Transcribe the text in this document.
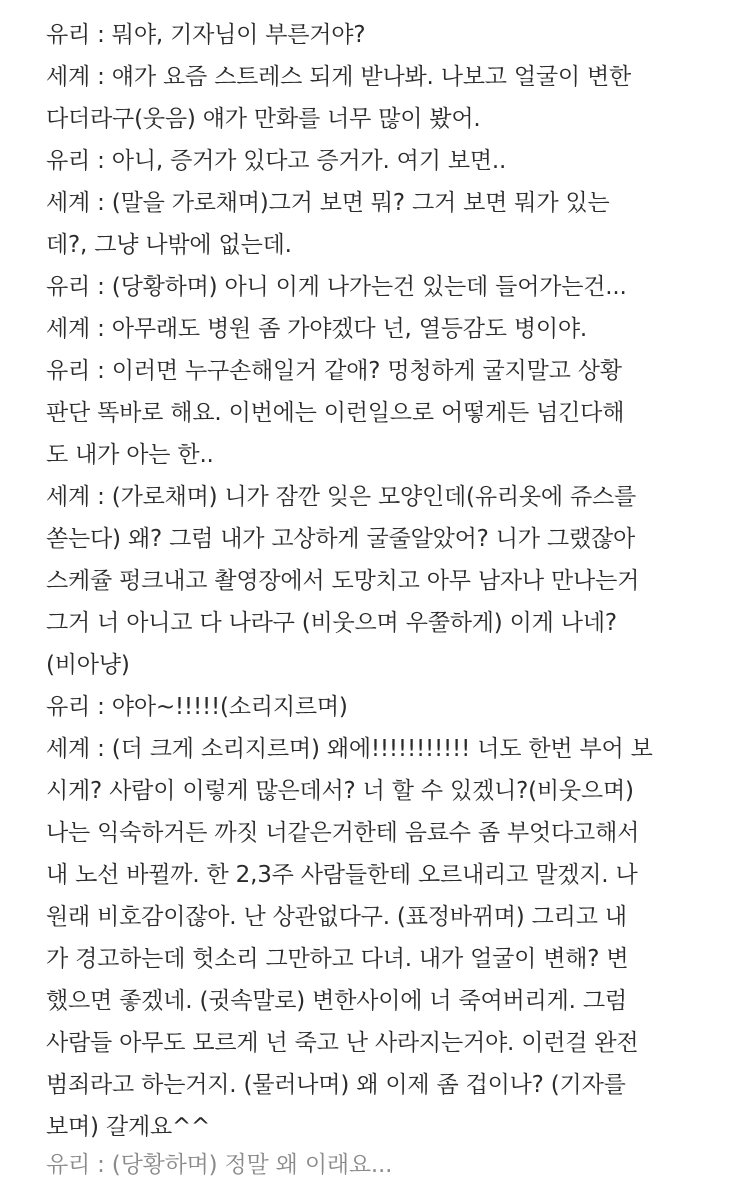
유리 : 뭐야, 기자님이 부른거야?
세계 : 얘가 요즘 스트레스 되게 받나봐. 나보고 얼굴이 변한
다더라구(웃음) 얘가 만화를 너무 많이 봤어.
유리 : 아니, 증거가 있다고 증거가. 여기 보면..
세계 : (말을 가로채며)그거 보면 뭐? 그거 보면 뭐가 있는
데?, 그냥 나밖에 없는데.
유리 : (당황하며) 아니 이게 나가는건 있는데 들어가는건...
세계 : 아무래도 병원 좀 가야겠다 넌, 열등감도 병이야.
유리 : 이러면 누구손해일거 같애? 멍청하게 굴지말고 상황
판단 똑바로 해요. 이번에는 이런일으로 어떻게든 넘긴다해
도 내가 아는 한..
세계 : (가로채며) 니가 잠깐 잊은 모양인데(유리옷에 쥬스를
쏟는다) 왜? 그럼 내가 고상하게 굴줄알았어? 니가 그랬잖아
스케쥴 펑크내고 촬영장에서 도망치고 아무 남자나 만나는거
그거 너 아니고 다 나라구 (비웃으며 우쭐하게) 이게 나네?
(비아냥)
유리 : 야아~!!!!!(소리지르며)
세계 : (더 크게 소리지르며) 왜에!!!!!!!!!!! 너도 한번 부어 보
시게? 사람이 이렇게 많은데서? 너 할 수 있겠니?(비웃으며)
나는 익숙하거든 까짓 너같은거한테 음료수 좀 부엇다고해서
내 노선 바뀔까. 한 2,3주 사람들한테 오르내리고 말겠지. 나
원래 비호감이잖아. 난 상관없다구. (표정바뀌며) 그리고 내
가 경고하는데 헛소리 그만하고 다녀. 내가 얼굴이 변해? 변
했으면 좋겠네. (귓속말로) 변한사이에 너 죽여버리게. 그럼
사람들 아무도 모르게 넌 죽고 난 사라지는거야. 이런걸 완전
범죄라고 하는거지. (물러나며) 왜 이제 좀 겁이나? (기자를
보며) 갈게요^^
유리 : (당황하며) 정말 왜 이래요...
